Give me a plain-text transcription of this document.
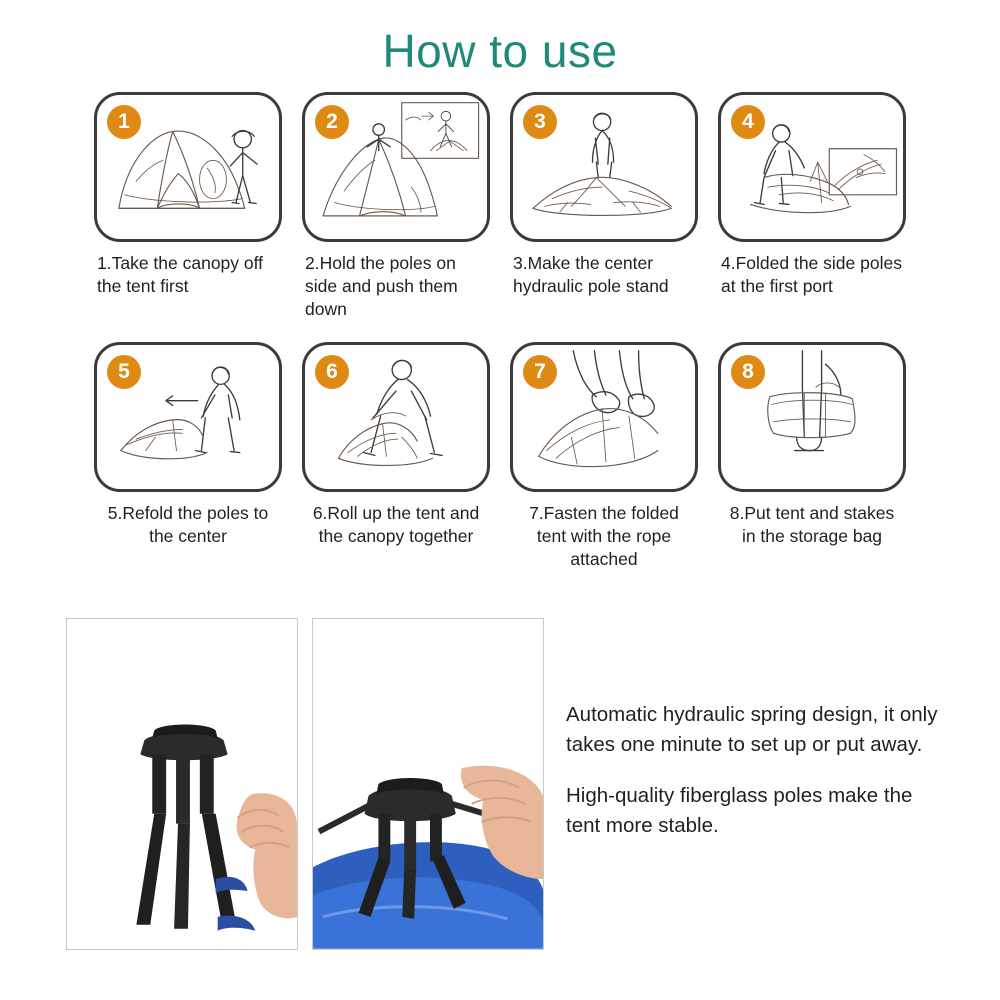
How to use
1
1.Take the canopy off the tent first
2
2.Hold the poles on side and push them down
3
3.Make the center hydraulic pole stand
4
4.Folded the side poles at the first port
5
5.Refold the poles to the center
6
6.Roll up the tent and the canopy together
7
7.Fasten the folded tent with the rope attached
8
8.Put tent and stakes in the storage bag

Automatic hydraulic spring design, it only takes one minute to set up or put away.

High-quality fiberglass poles make the tent more stable.
